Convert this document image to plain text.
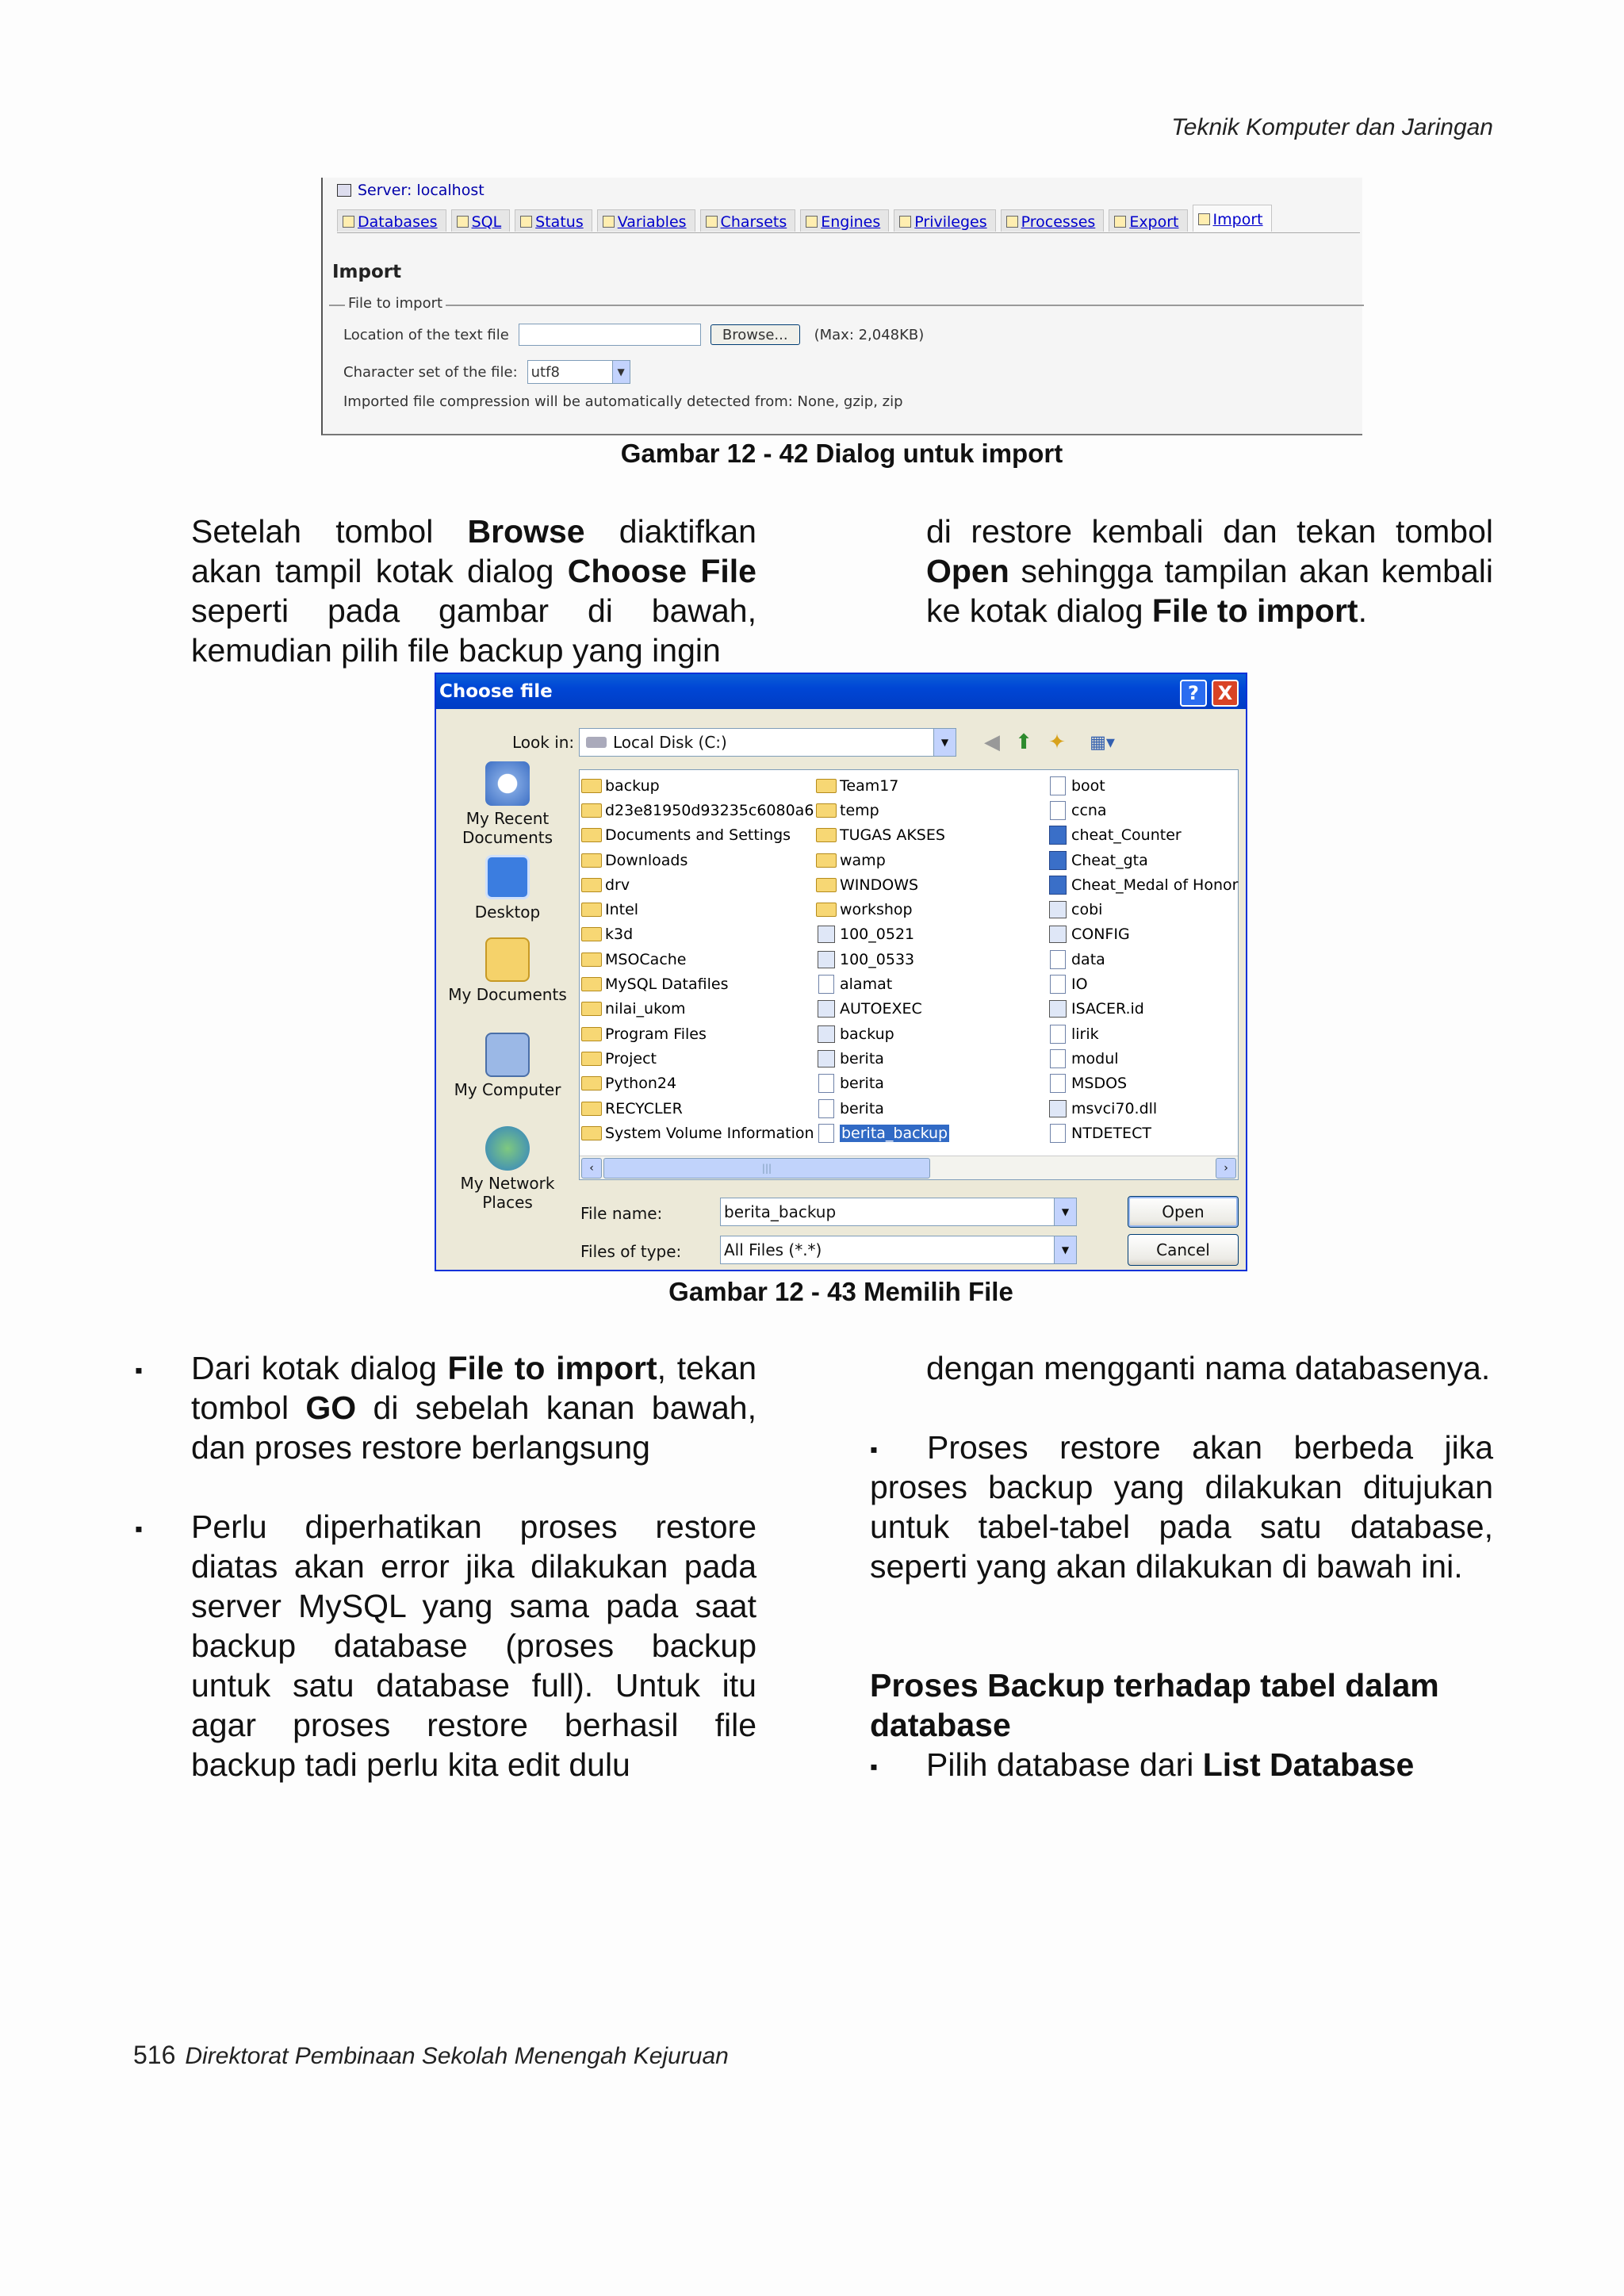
Teknik Komputer dan Jaringan
Server: localhost
Databases SQL Status Variables Charsets Engines Privileges Processes Export Import
Import
File to import
Location of the text file	Browse...	(Max: 2,048KB)
Character set of the file: utf8	▼
Imported file compression will be automatically detected from: None, gzip, zip
Gambar 12 - 42 Dialog untuk import
Setelah tombol Browse diaktifkan akan tampil kotak dialog Choose File seperti pada gambar di bawah, kemudian pilih file backup yang ingin
di restore kembali dan tekan tombol Open sehingga tampilan akan kembali ke kotak dialog File to import.
Choose file	? X
Look in: Local Disk (C:)	▼	◀ ⬆ ✦ ▦▾
My Recent Documents
Desktop
My Documents
My Computer
My Network Places
backup
d23e81950d93235c6080a6
Documents and Settings
Downloads
drv
Intel
k3d
MSOCache
MySQL Datafiles
nilai_ukom
Program Files
Project
Python24
RECYCLER
System Volume Information
Team17
temp
TUGAS AKSES
wamp
WINDOWS
workshop
100_0521
100_0533
alamat
AUTOEXEC
backup
berita
berita
berita
berita_backup
boot
ccna
cheat_Counter
Cheat_gta
Cheat_Medal of Honor
cobi
CONFIG
data
IO
ISACER.id
lirik
modul
MSDOS
msvci70.dll
NTDETECT
‹	|||	›
File name:	berita_backup	▼
Files of type:	All Files (*.*)	▼
Open
Cancel
Gambar 12 - 43 Memilih File
▪ Dari kotak dialog File to import, tekan tombol GO di sebelah kanan bawah, dan proses restore berlangsung
▪ Perlu diperhatikan proses restore diatas akan error jika dilakukan pada server MySQL yang sama pada saat backup database (proses backup untuk satu database full). Untuk itu agar proses restore berhasil file backup tadi perlu kita edit dulu
dengan mengganti nama databasenya.
▪	Proses restore akan berbeda jika proses backup yang dilakukan ditujukan untuk tabel-tabel pada satu database, seperti yang akan dilakukan di bawah ini.
Proses Backup terhadap tabel dalam database
▪ Pilih database dari List Database
516 Direktorat Pembinaan Sekolah Menengah Kejuruan
